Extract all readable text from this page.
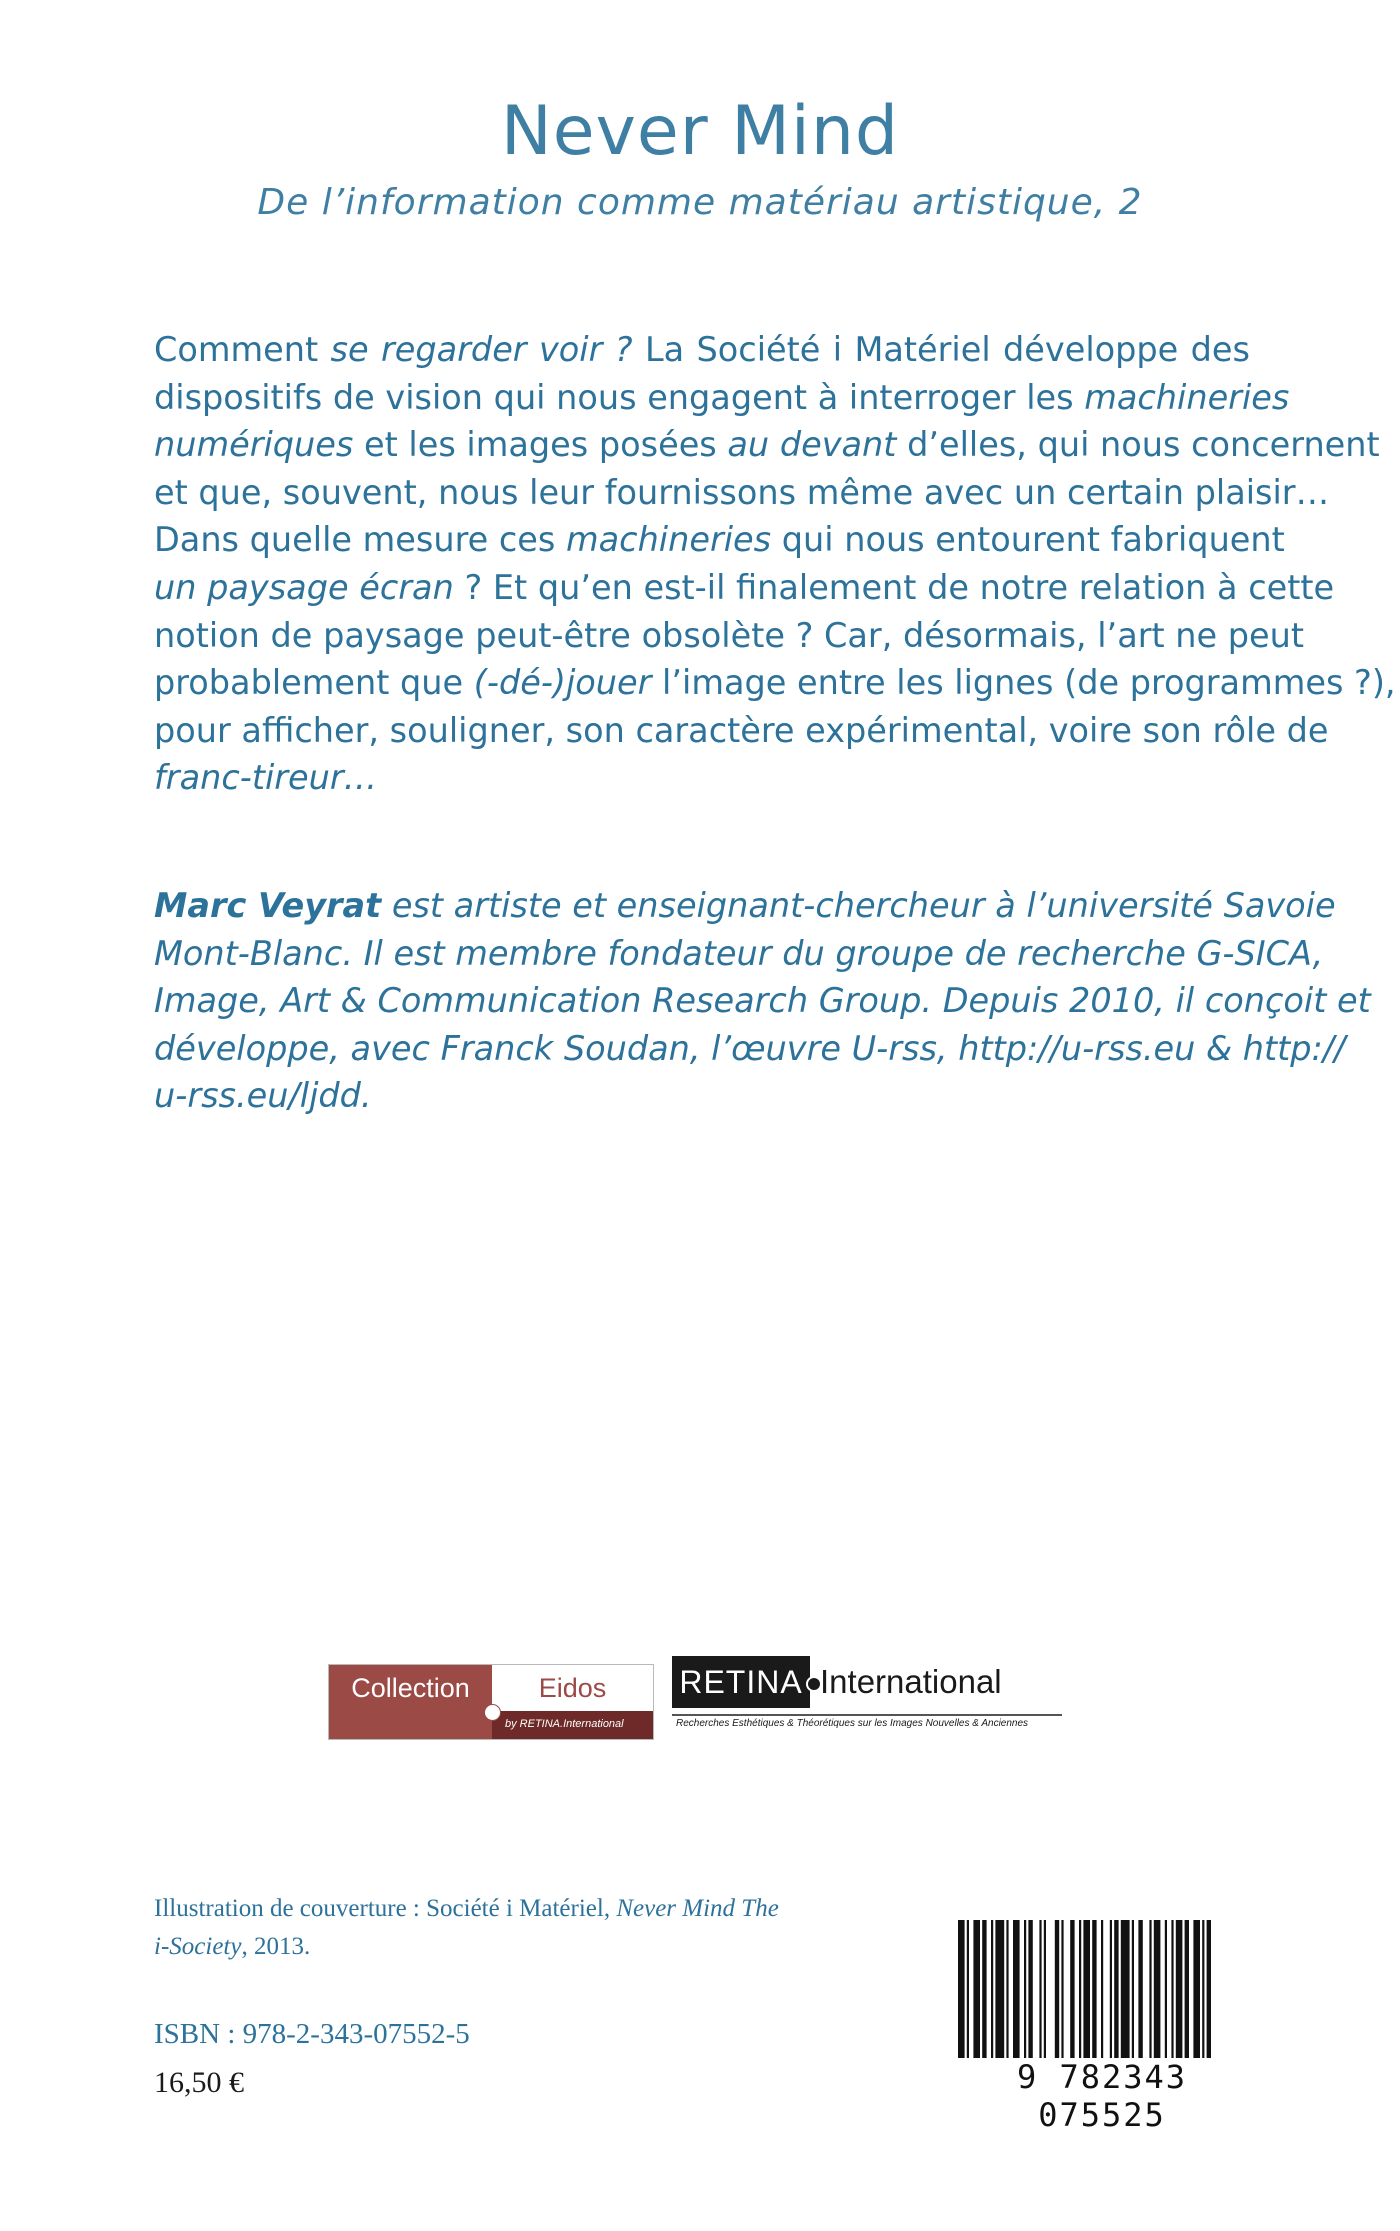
Never Mind
De l’information comme matériau artistique, 2
Comment se regarder voir ? La Société i Matériel développe des
dispositifs de vision qui nous engagent à interroger les machineries
numériques et les images posées au devant d’elles, qui nous concernent
et que, souvent, nous leur fournissons même avec un certain plaisir…
Dans quelle mesure ces machineries qui nous entourent fabriquent
un paysage écran ? Et qu’en est-il finalement de notre relation à cette
notion de paysage peut-être obsolète ? Car, désormais, l’art ne peut
probablement que (-dé-)jouer l’image entre les lignes (de programmes ?),
pour afficher, souligner, son caractère expérimental, voire son rôle de
franc-tireur…
Marc Veyrat est artiste et enseignant-chercheur à l’université Savoie
Mont-Blanc. Il est membre fondateur du groupe de recherche G-SICA,
Image, Art & Communication Research Group. Depuis 2010, il conçoit et
développe, avec Franck Soudan, l’œuvre U-rss, http://u-rss.eu & http://
u-rss.eu/ljdd.
Collection	Eidos
by RETINA.International
RETINA International
Recherches Esthétiques & Théorétiques sur les Images Nouvelles & Anciennes
Illustration de couverture : Société i Matériel, Never Mind The
i-Society, 2013.
ISBN : 978-2-343-07552-5
16,50 €	9 782343 075525
